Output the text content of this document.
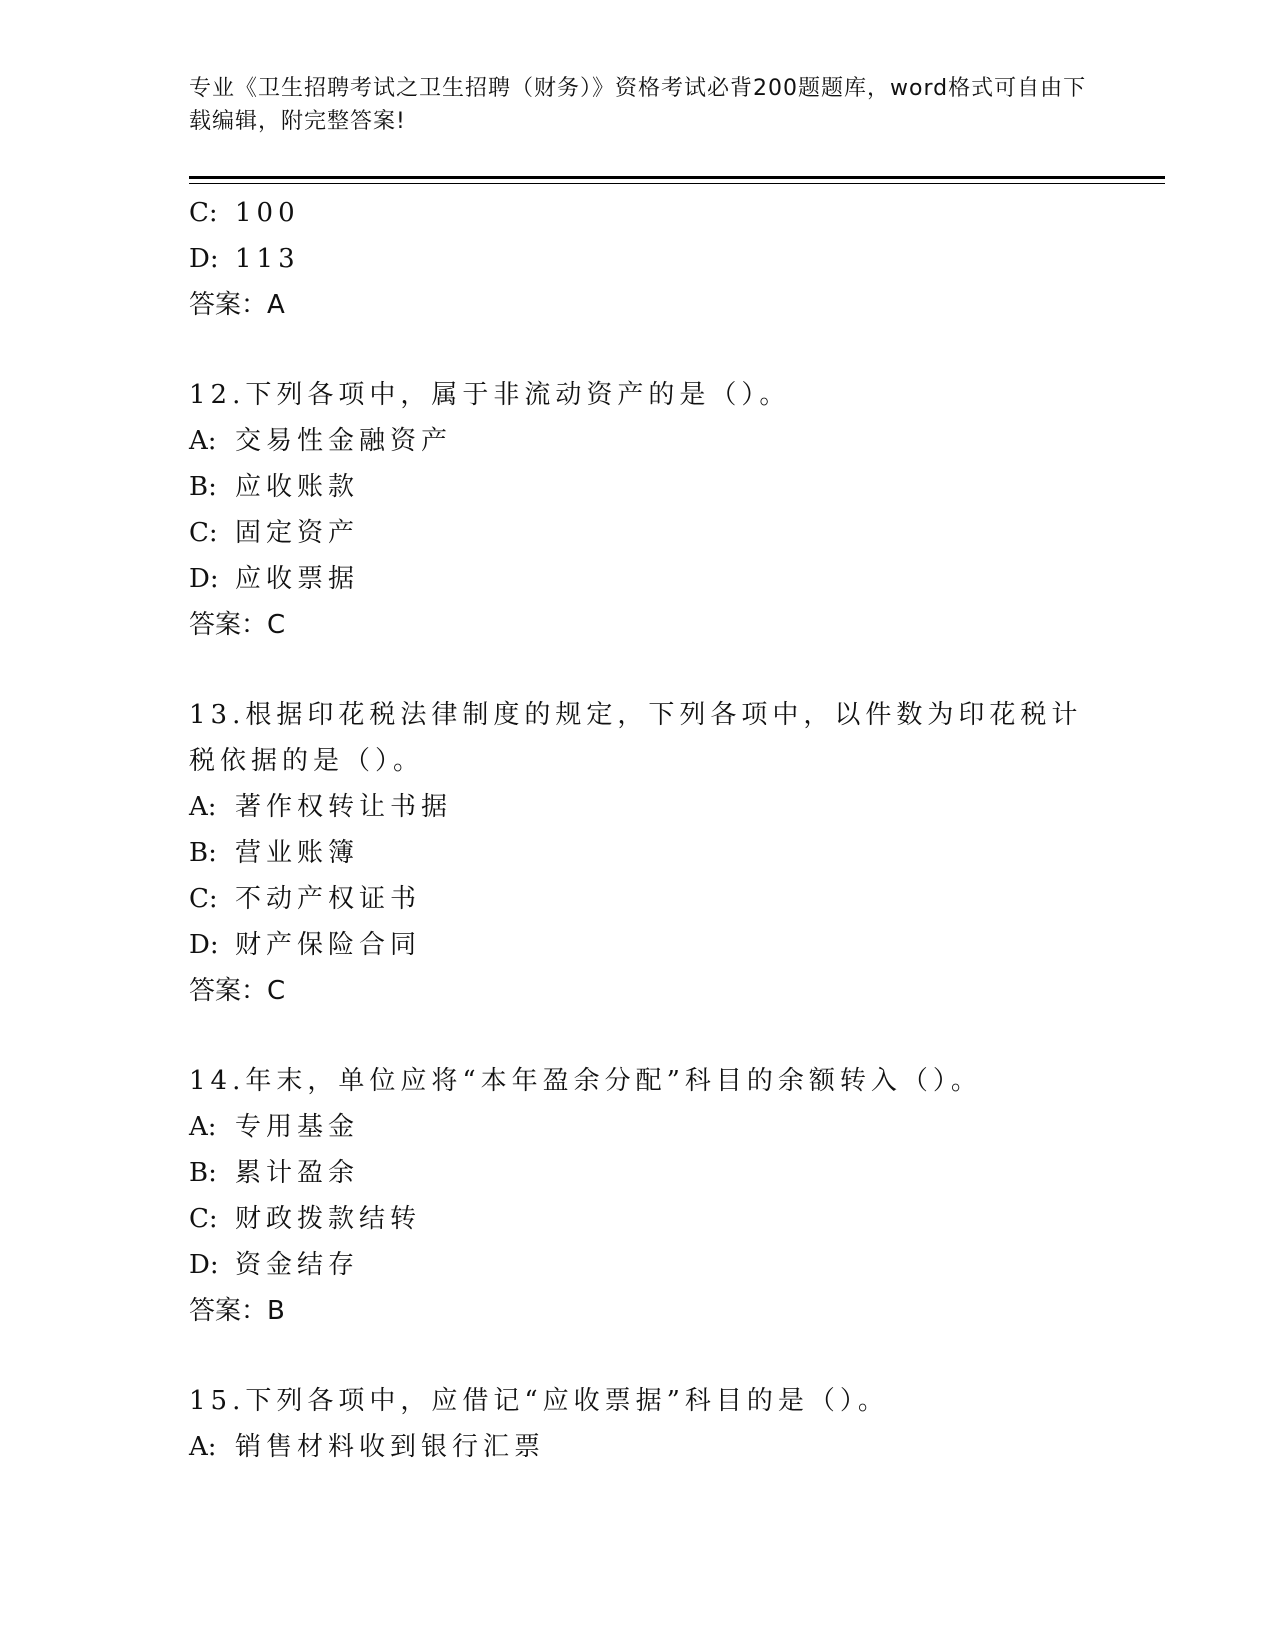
专业《卫生招聘考试之卫生招聘（财务）》资格考试必背200题题库，word格式可自由下载编辑，附完整答案!
C: 100
D: 113
答案：A
12.下列各项中，属于非流动资产的是（）。
A: 交易性金融资产
B: 应收账款
C: 固定资产
D: 应收票据
答案：C
13.根据印花税法律制度的规定，下列各项中，以件数为印花税计税依据的是（）。
A: 著作权转让书据
B: 营业账簿
C: 不动产权证书
D: 财产保险合同
答案：C
14.年末，单位应将“本年盈余分配”科目的余额转入（）。
A: 专用基金
B: 累计盈余
C: 财政拨款结转
D: 资金结存
答案：B
15.下列各项中，应借记“应收票据”科目的是（）。
A: 销售材料收到银行汇票
